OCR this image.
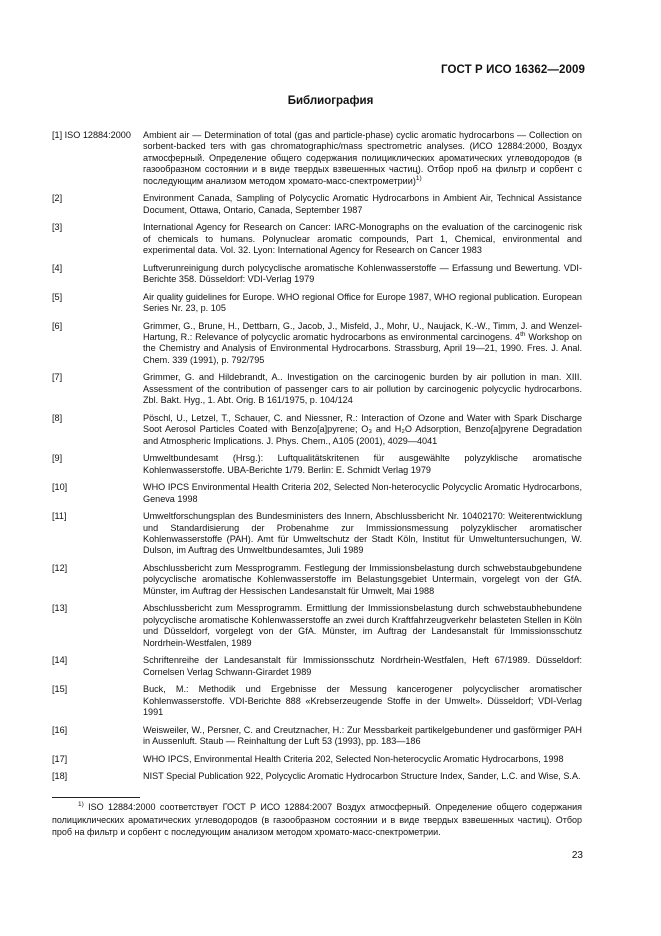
ГОСТ Р ИСО 16362—2009
Библиография
[1] ISO 12884:2000	Ambient air — Determination of total (gas and particle-phase) cyclic aromatic hydrocarbons — Collection on sorbent-backed ters with gas chromatographic/mass spectrometric analyses. (ИСО 12884:2000, Воздух атмосферный. Определение общего содержания полициклических ароматических углеводородов (в газообразном состоянии и в виде твердых взвешенных частиц). Отбор проб на фильтр и сорбент с последующим анализом методом хромато-масс-спектрометрии)$^{1)}$
[2]	Environment Canada, Sampling of Polycyclic Aromatic Hydrocarbons in Ambient Air, Technical Assistance Document, Ottawa, Ontario, Canada, September 1987
[3]	International Agency for Research on Cancer: IARC-Monographs on the evaluation of the carcinogenic risk of chemicals to humans. Polynuclear aromatic compounds, Part 1, Chemical, environmental and experimental data. Vol. 32. Lyon: International Agency for Research on Cancer 1983
[4]	Luftverunreinigung durch polycyclische aromatische Kohlenwasserstoffe — Erfassung und Bewertung. VDI-Berichte 358. Düsseldorf: VDI-Verlag 1979
[5]	Air quality guidelines for Europe. WHO regional Office for Europe 1987, WHO regional publication. European Series Nr. 23, p. 105
[6]	Grimmer, G., Brune, H., Dettbarn, G., Jacob, J., Misfeld, J., Mohr, U., Naujack, K.-W., Timm, J. and Wenzel-Hartung, R.: Relevance of polycyclic aromatic hydrocarbons as environmental carcinogens. 4th Workshop on the Chemistry and Analysis of Environmental Hydrocarbons. Strassburg, April 19—21, 1990. Fres. J. Anal. Chem. 339 (1991), p. 792/795
[7]	Grimmer, G. and Hildebrandt, A.. Investigation on the carcinogenic burden by air pollution in man. XIII. Assessment of the contribution of passenger cars to air pollution by carcinogenic polycyclic hydrocarbons. Zbl. Bakt. Hyg., 1. Abt. Orig. B 161/1975, p. 104/124
[8]	Pöschl, U., Letzel, T., Schauer, C. and Niessner, R.: Interaction of Ozone and Water with Spark Discharge Soot Aerosol Particles Coated with Benzo[a]pyrene; O₃ and H₂O Adsorption, Benzo[a]pyrene Degradation and Atmospheric Implications. J. Phys. Chem., A105 (2001), 4029—4041
[9]	Umweltbundesamt (Hrsg.): Luftqualitätskritenen für ausgewählte polyzyklische aromatische Kohlenwasserstoffe. UBA-Berichte 1/79. Berlin: E. Schmidt Verlag 1979
[10]	WHO IPCS Environmental Health Criteria 202, Selected Non-heterocyclic Polycyclic Aromatic Hydrocarbons, Geneva 1998
[11]	Umweltforschungsplan des Bundesministers des Innern, Abschlussbericht Nr. 10402170: Weiterentwicklung und Standardisierung der Probenahme zur Immissionsmessung polyzyklischer aromatischer Kohlenwasserstoffe (PAH). Amt für Umweltschutz der Stadt Köln, Institut für Umweltuntersuchungen, W. Dulson, im Auftrag des Umweltbundesamtes, Juli 1989
[12]	Abschlussbericht zum Messprogramm. Festlegung der Immissionsbelastung durch schwebstaubgebundene polycyclische aromatische Kohlenwasserstoffe im Belastungsgebiet Untermain, vorgelegt von der GfA. Münster, im Auftrag der Hessischen Landesanstalt für Umwelt, Mai 1988
[13]	Abschlussbericht zum Messprogramm. Ermittlung der Immissionsbelastung durch schwebstaubhebundene polycyclische aromatische Kohlenwasserstoffe an zwei durch Kraftfahrzeugverkehr belasteten Stellen in Köln und Düsseldorf, vorgelegt von der GfA. Münster, im Auftrag der Landesanstalt für Immissionsschutz Nordrhein-Westfalen, 1989
[14]	Schriftenreihe der Landesanstalt für Immissionsschutz Nordrhein-Westfalen, Heft 67/1989. Düsseldorf: Cornelsen Verlag Schwann-Girardet 1989
[15]	Buck, M.: Methodik und Ergebnisse der Messung kancerogener polycyclischer aromatischer Kohlenwasserstoffe. VDI-Berichte 888 «Krebserzeugende Stoffe in der Umwelt». Düsseldorf; VDI-Verlag 1991
[16]	Weisweiler, W., Persner, C. and Creutznacher, H.: Zur Messbarkeit partikelgebundener und gasförmiger PAH in Aussenluft. Staub — Reinhaltung der Luft 53 (1993), pp. 183—186
[17]	WHO IPCS, Environmental Health Criteria 202, Selected Non-heterocyclic Aromatic Hydrocarbons, 1998
[18]	NIST Special Publication 922, Polycyclic Aromatic Hydrocarbon Structure Index, Sander, L.C. and Wise, S.A.
$^{1)}$ ISO 12884:2000 соответствует ГОСТ Р ИСО 12884:2007 Воздух атмосферный. Определение общего содержания полициклических ароматических углеводородов (в газообразном состоянии и в виде твердых взвешенных частиц). Отбор проб на фильтр и сорбент с последующим анализом методом хромато-масс-спектрометрии.
23
